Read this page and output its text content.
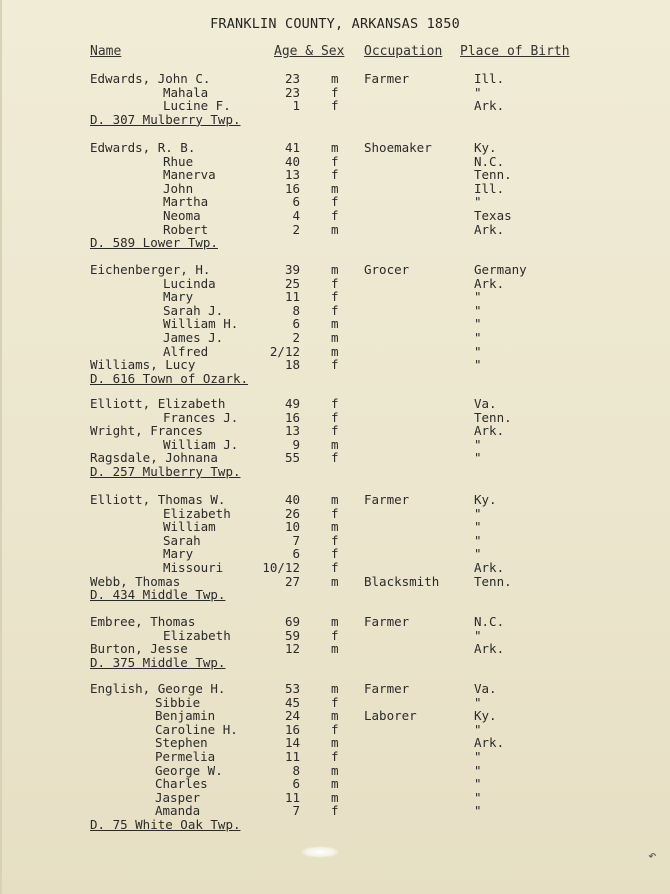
FRANKLIN COUNTY, ARKANSAS 1850
Name	Age & Sex Occupation Place of Birth
Edwards, John C.	23 m Farmer	Ill.
Mahala	23 f	"
Lucine F.	1 f	Ark.
D. 307 Mulberry Twp.
Edwards, R. B.	41 m Shoemaker	Ky.
Rhue	40 f	N.C.
Manerva	13 f	Tenn.
John	16 m	Ill.
Martha	6 f	"
Neoma	4 f	Texas
Robert	2 m	Ark.
D. 589 Lower Twp.
Eichenberger, H.	39 m Grocer	Germany
Lucinda	25 f	Ark.
Mary	11 f	"
Sarah J.	8 f	"
William H.	6 m	"
James J.	2 m	"
Alfred	2/12 m	"
Williams, Lucy	18 f	"
D. 616 Town of Ozark.
Elliott, Elizabeth	49 f	Va.
Frances J.	16 f	Tenn.
Wright, Frances	13 f	Ark.
William J.	9 m	"
Ragsdale, Johnana	55 f	"
D. 257 Mulberry Twp.
Elliott, Thomas W.	40 m Farmer	Ky.
Elizabeth	26 f	"
William	10 m	"
Sarah	7 f	"
Mary	6 f	"
Missouri	10/12 f	Ark.
Webb, Thomas	27 m Blacksmith	Tenn.
D. 434 Middle Twp.
Embree, Thomas	69 m Farmer	N.C.
Elizabeth	59 f	"
Burton, Jesse	12 m	Ark.
D. 375 Middle Twp.
English, George H.	53 m Farmer	Va.
Sibbie	45 f	"
Benjamin	24 m Laborer	Ky.
Caroline H.	16 f	"
Stephen	14 m	Ark.
Permelia	11 f	"
George W.	8 m	"
Charles	6 m	"
Jasper	11 m	"
Amanda	7 f	"
D. 75 White Oak Twp.
↶
